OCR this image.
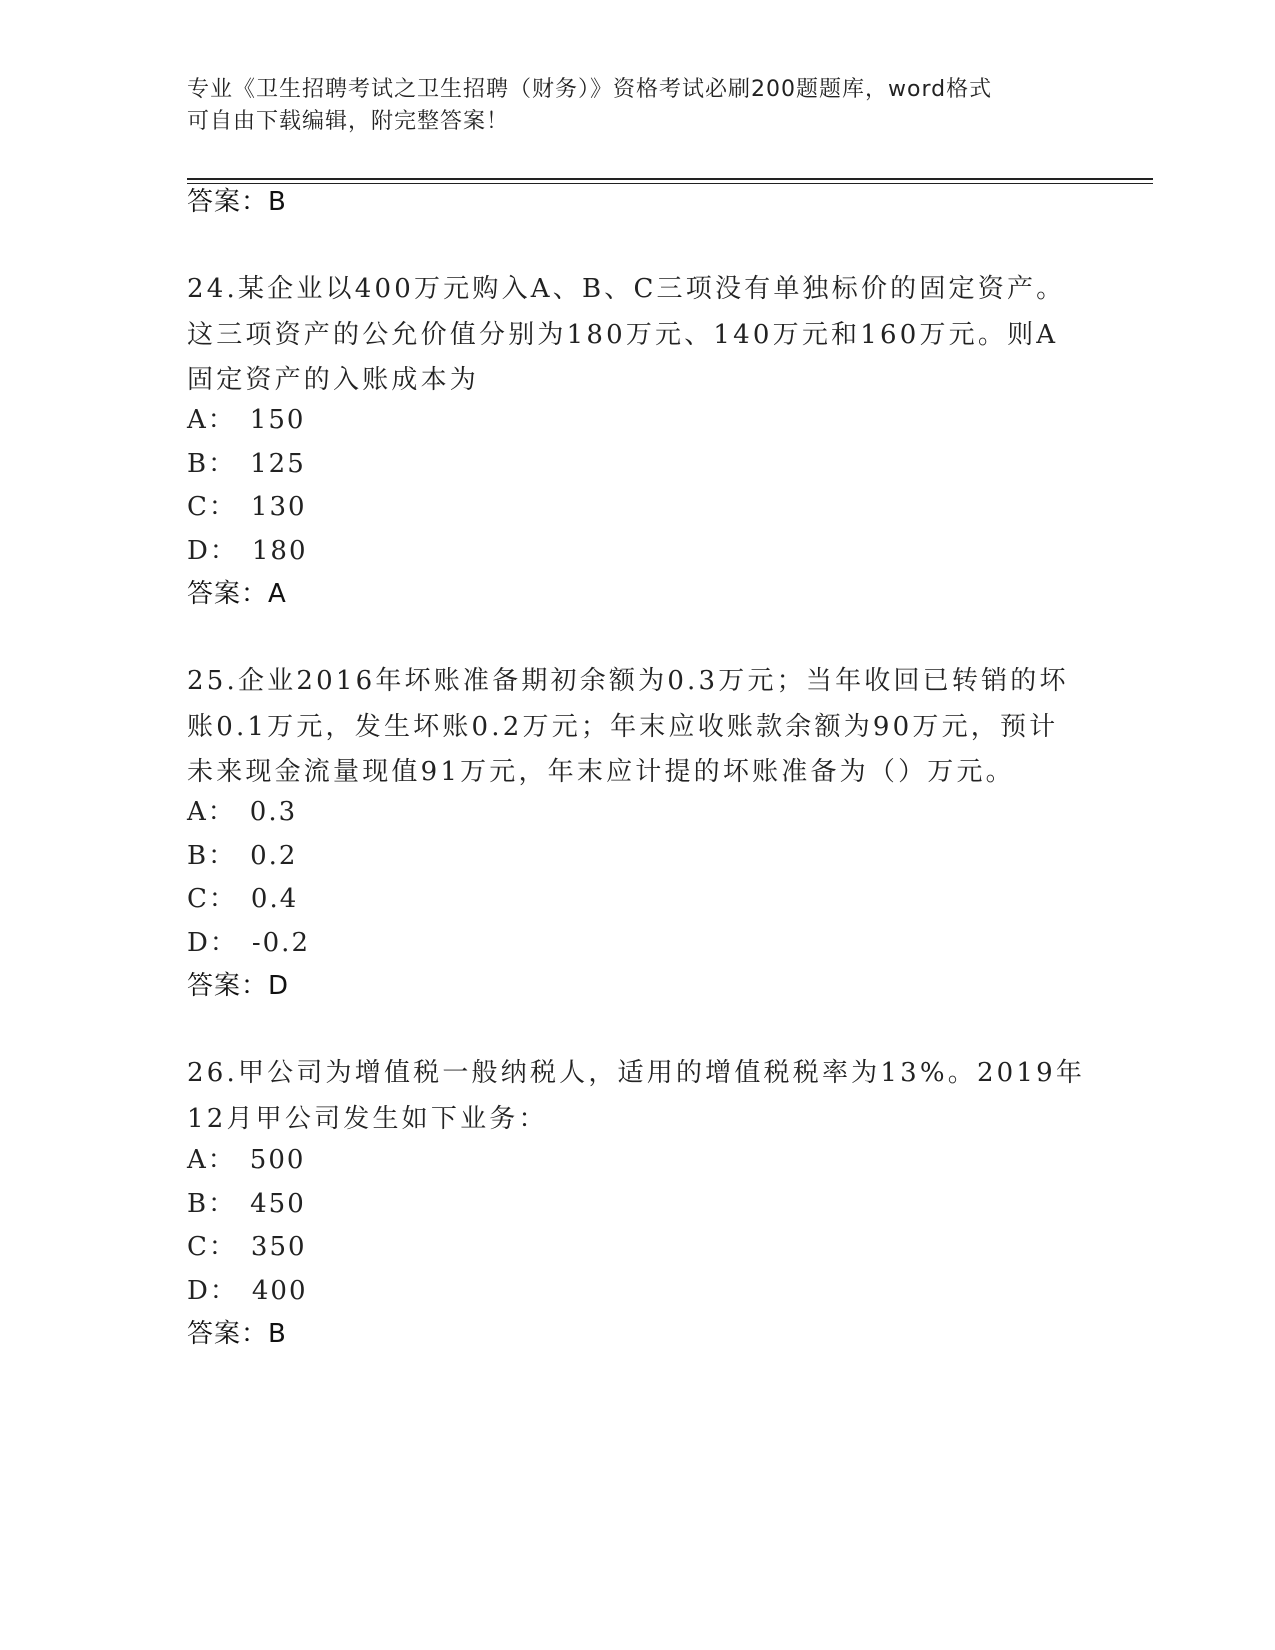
专业《卫生招聘考试之卫生招聘（财务）》资格考试必刷200题题库，word格式
可自由下载编辑，附完整答案！
答案：B
24.某企业以400万元购入A、B、C三项没有单独标价的固定资产。这三项资产的公允价值分别为180万元、140万元和160万元。则A固定资产的入账成本为
A： 150
B： 125
C： 130
D： 180
答案：A
25.企业2016年坏账准备期初余额为0.3万元；当年收回已转销的坏账0.1万元，发生坏账0.2万元；年末应收账款余额为90万元，预计未来现金流量现值91万元，年末应计提的坏账准备为（）万元。
A： 0.3
B： 0.2
C： 0.4
D： -0.2
答案：D
26.甲公司为增值税一般纳税人，适用的增值税税率为13%。2019年12月甲公司发生如下业务：
A： 500
B： 450
C： 350
D： 400
答案：B
